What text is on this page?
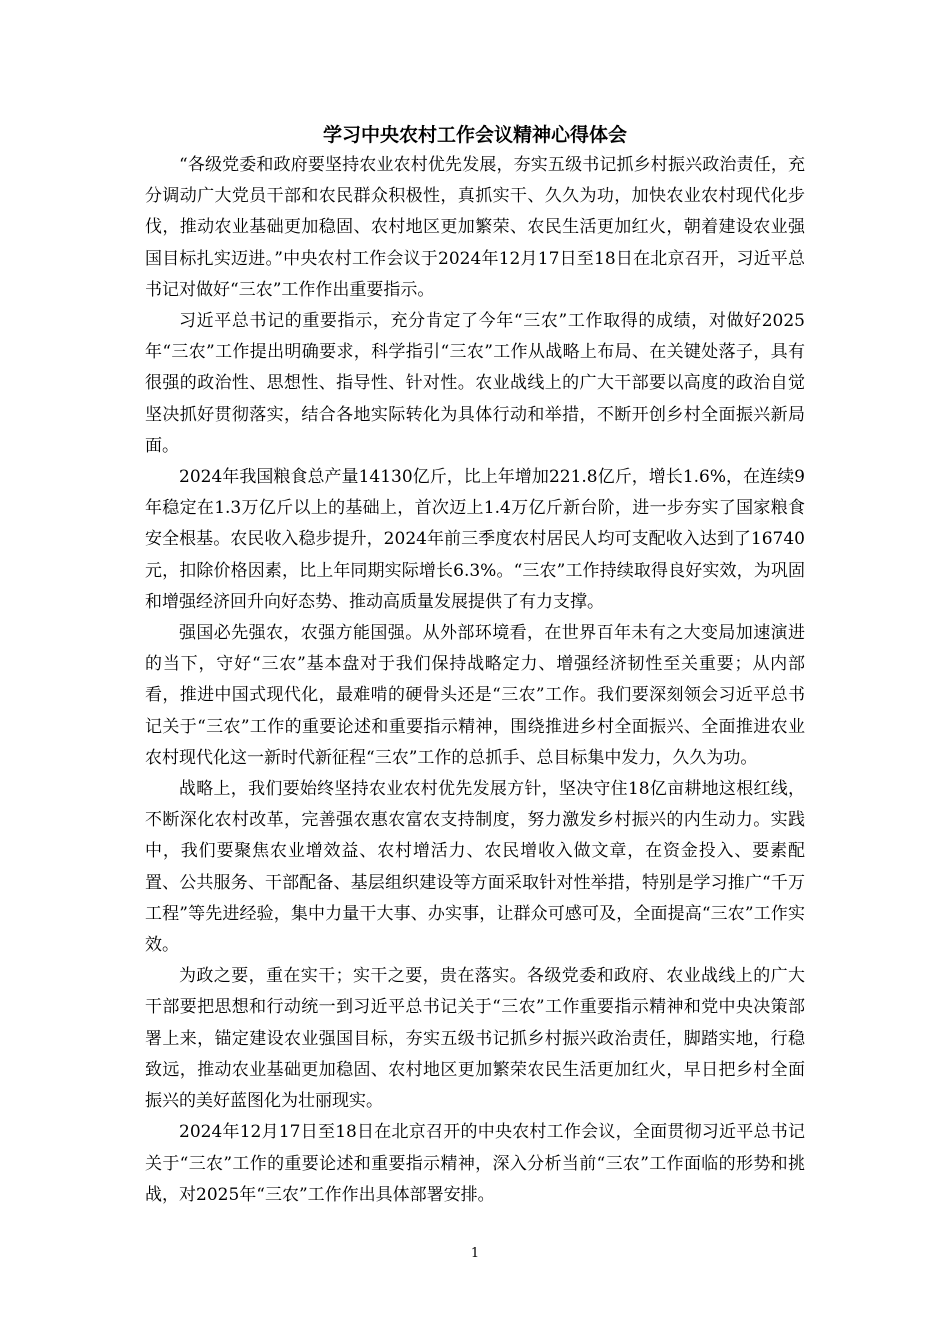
学习中央农村工作会议精神心得体会

“各级党委和政府要坚持农业农村优先发展，夯实五级书记抓乡村振兴政治责任，充分调动广大党员干部和农民群众积极性，真抓实干、久久为功，加快农业农村现代化步伐，推动农业基础更加稳固、农村地区更加繁荣、农民生活更加红火，朝着建设农业强国目标扎实迈进。”中央农村工作会议于2024年12月17日至18日在北京召开，习近平总书记对做好“三农”工作作出重要指示。

习近平总书记的重要指示，充分肯定了今年“三农”工作取得的成绩，对做好2025年“三农”工作提出明确要求，科学指引“三农”工作从战略上布局、在关键处落子，具有很强的政治性、思想性、指导性、针对性。农业战线上的广大干部要以高度的政治自觉坚决抓好贯彻落实，结合各地实际转化为具体行动和举措，不断开创乡村全面振兴新局面。

2024年我国粮食总产量14130亿斤，比上年增加221.8亿斤，增长1.6%，在连续9年稳定在1.3万亿斤以上的基础上，首次迈上1.4万亿斤新台阶，进一步夯实了国家粮食安全根基。农民收入稳步提升，2024年前三季度农村居民人均可支配收入达到了16740元，扣除价格因素，比上年同期实际增长6.3%。“三农”工作持续取得良好实效，为巩固和增强经济回升向好态势、推动高质量发展提供了有力支撑。

强国必先强农，农强方能国强。从外部环境看，在世界百年未有之大变局加速演进的当下，守好“三农”基本盘对于我们保持战略定力、增强经济韧性至关重要；从内部看，推进中国式现代化，最难啃的硬骨头还是“三农”工作。我们要深刻领会习近平总书记关于“三农”工作的重要论述和重要指示精神，围绕推进乡村全面振兴、全面推进农业农村现代化这一新时代新征程“三农”工作的总抓手、总目标集中发力，久久为功。

战略上，我们要始终坚持农业农村优先发展方针，坚决守住18亿亩耕地这根红线，不断深化农村改革，完善强农惠农富农支持制度，努力激发乡村振兴的内生动力。实践中，我们要聚焦农业增效益、农村增活力、农民增收入做文章，在资金投入、要素配置、公共服务、干部配备、基层组织建设等方面采取针对性举措，特别是学习推广“千万工程”等先进经验，集中力量干大事、办实事，让群众可感可及，全面提高“三农”工作实效。

为政之要，重在实干；实干之要，贵在落实。各级党委和政府、农业战线上的广大干部要把思想和行动统一到习近平总书记关于“三农”工作重要指示精神和党中央决策部署上来，锚定建设农业强国目标，夯实五级书记抓乡村振兴政治责任，脚踏实地，行稳致远，推动农业基础更加稳固、农村地区更加繁荣农民生活更加红火，早日把乡村全面振兴的美好蓝图化为壮丽现实。

2024年12月17日至18日在北京召开的中央农村工作会议，全面贯彻习近平总书记关于“三农”工作的重要论述和重要指示精神，深入分析当前“三农”工作面临的形势和挑战，对2025年“三农”工作作出具体部署安排。

1
